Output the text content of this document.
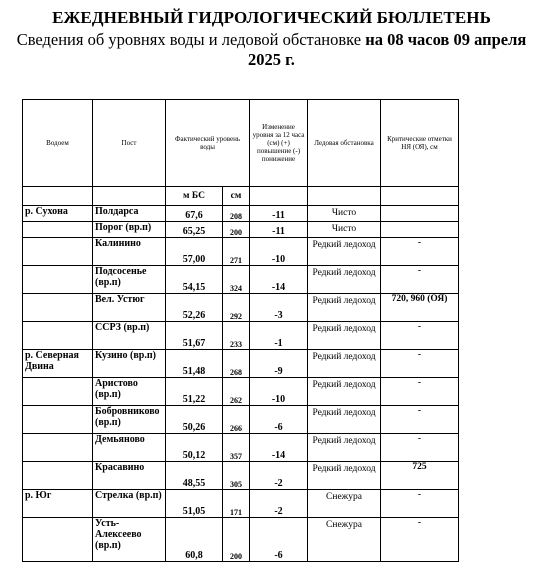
ЕЖЕДНЕВНЫЙ ГИДРОЛОГИЧЕСКИЙ БЮЛЛЕТЕНЬ
Сведения об уровнях воды и ледовой обстановке на 08 часов 09 апреля 2025 г.
Водоем	Пост	Фактический уровень воды		Изменение уровня за 12 часа (см) (+) повышение (-) понижение	Ледовая обстановка	Критические отметки НЯ (ОЯ), см
		м БС	см			
р. Сухона	Полдарса	67,6	208	-11	Чисто	
	Порог (вр.п)	65,25	200	-11	Чисто	
	Калинино	57,00	271	-10	Редкий ледоход	-
	Подсосенье (вр.п)	54,15	324	-14	Редкий ледоход	-
	Вел. Устюг	52,26	292	-3	Редкий ледоход	720, 960 (ОЯ)
	ССРЗ (вр.п)	51,67	233	-1	Редкий ледоход	-
р. Северная Двина	Кузино (вр.п)	51,48	268	-9	Редкий ледоход	-
	Аристово (вр.п)	51,22	262	-10	Редкий ледоход	-
	Бобровниково (вр.п)	50,26	266	-6	Редкий ледоход	-
	Демьяново	50,12	357	-14	Редкий ледоход	-
	Красавино	48,55	305	-2	Редкий ледоход	725
р. Юг	Стрелка (вр.п)	51,05	171	-2	Снежура	-
	Усть-Алексеево (вр.п)	60,8	200	-6	Снежура	-
